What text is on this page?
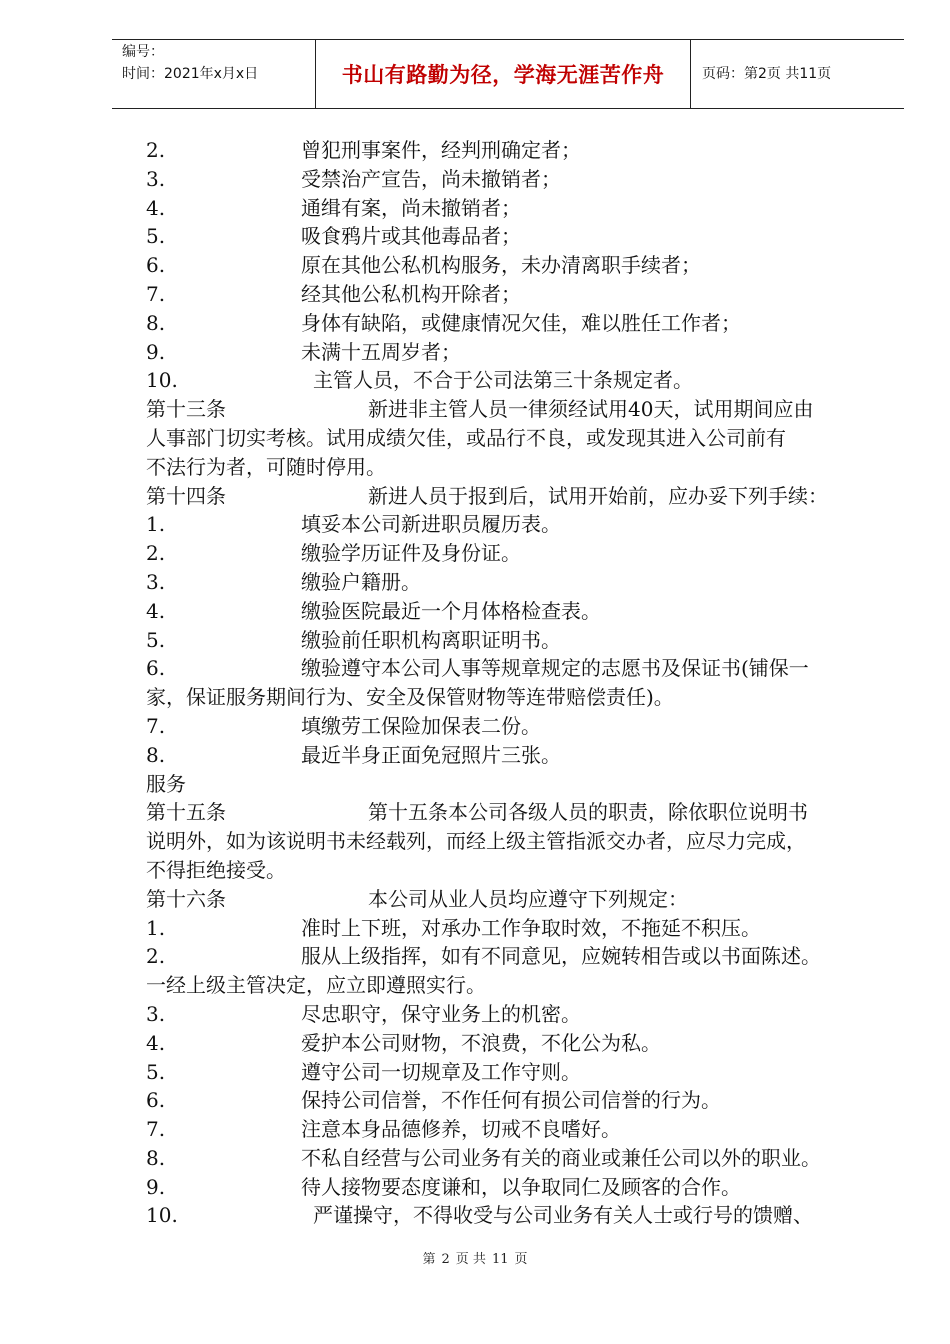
编号：
时间：2021年x月x日	书山有路勤为径，学海无涯苦作舟	页码：第2页 共11页
2.	曾犯刑事案件，经判刑确定者；
3.	受禁治产宣告，尚未撤销者；
4.	通缉有案，尚未撤销者；
5.	吸食鸦片或其他毒品者；
6.	原在其他公私机构服务，未办清离职手续者；
7.	经其他公私机构开除者；
8.	身体有缺陷，或健康情况欠佳，难以胜任工作者；
9.	未满十五周岁者；
10.	主管人员，不合于公司法第三十条规定者。
第十三条	新进非主管人员一律须经试用40天，试用期间应由
人事部门切实考核。试用成绩欠佳，或品行不良，或发现其进入公司前有
不法行为者，可随时停用。
第十四条	新进人员于报到后，试用开始前，应办妥下列手续：
1.	填妥本公司新进职员履历表。
2.	缴验学历证件及身份证。
3.	缴验户籍册。
4.	缴验医院最近一个月体格检查表。
5.	缴验前任职机构离职证明书。
6.	缴验遵守本公司人事等规章规定的志愿书及保证书(铺保一
家，保证服务期间行为、安全及保管财物等连带赔偿责任)。
7.	填缴劳工保险加保表二份。
8.	最近半身正面免冠照片三张。
服务
第十五条	第十五条本公司各级人员的职责，除依职位说明书
说明外，如为该说明书未经载列，而经上级主管指派交办者，应尽力完成，
不得拒绝接受。
第十六条	本公司从业人员均应遵守下列规定：
1.	准时上下班，对承办工作争取时效，不拖延不积压。
2.	服从上级指挥，如有不同意见，应婉转相告或以书面陈述。
一经上级主管决定，应立即遵照实行。
3.	尽忠职守，保守业务上的机密。
4.	爱护本公司财物，不浪费，不化公为私。
5.	遵守公司一切规章及工作守则。
6.	保持公司信誉，不作任何有损公司信誉的行为。
7.	注意本身品德修养，切戒不良嗜好。
8.	不私自经营与公司业务有关的商业或兼任公司以外的职业。
9.	待人接物要态度谦和，以争取同仁及顾客的合作。
10.	严谨操守，不得收受与公司业务有关人士或行号的馈赠、
第 2 页 共 11 页
